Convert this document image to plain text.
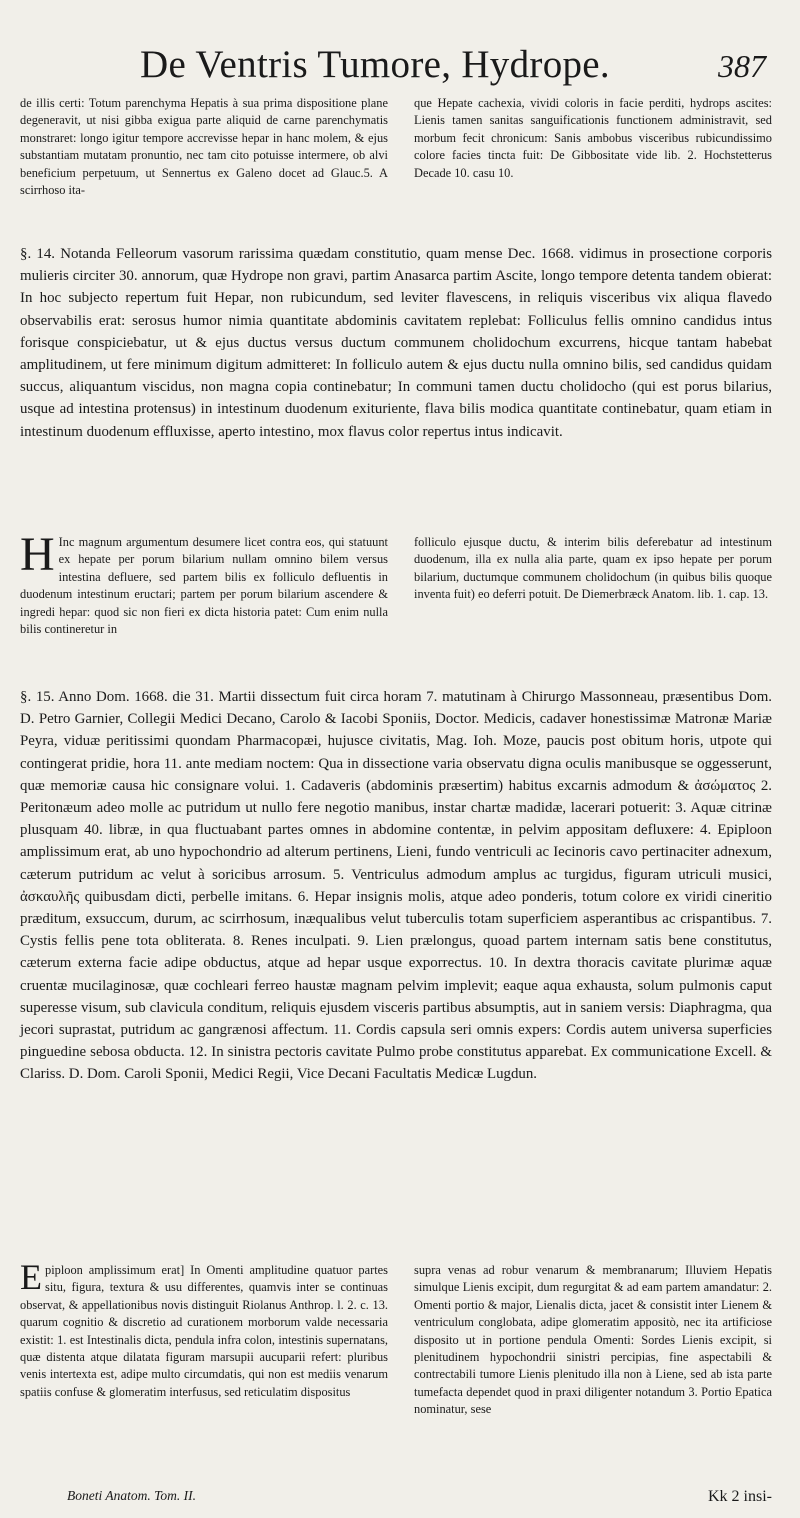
De Ventris Tumore, Hydrope.	387

de illis certi: Totum parenchyma Hepatis à sua prima dispositione plane degeneravit, ut nisi gibba exigua parte aliquid de carne parenchymatis monstraret: longo igitur tempore accrevisse hepar in hanc molem, & ejus substantiam mutatam pronuntio, nec tam cito potuisse intermere, ob alvi beneficium perpetuum, ut Sennertus ex Galeno docet ad Glauc.5. A scirrhoso ita-

que Hepate cachexia, vividi coloris in facie perditi, hydrops ascites: Lienis tamen sanitas sanguificationis functionem administravit, sed morbum fecit chronicum: Sanis ambobus visceribus rubicundissimo colore facies tincta fuit: De Gibbositate vide lib. 2. Hochstetterus Decade 10. casu 10.

§. 14. Notanda Felleorum vasorum rarissima quædam constitutio, quam mense Dec. 1668. vidimus in prosectione corporis mulieris circiter 30. annorum, quæ Hydrope non gravi, partim Anasarca partim Ascite, longo tempore detenta tandem obierat: In hoc subjecto repertum fuit Hepar, non rubicundum, sed leviter flavescens, in reliquis visceribus vix aliqua flavedo observabilis erat: serosus humor nimia quantitate abdominis cavitatem replebat: Folliculus fellis omnino candidus intus forisque conspiciebatur, ut & ejus ductus versus ductum communem cholidochum excurrens, hicque tantam habebat amplitudinem, ut fere minimum digitum admitteret: In folliculo autem & ejus ductu nulla omnino bilis, sed candidus quidam succus, aliquantum viscidus, non magna copia continebatur; In communi tamen ductu cholidocho (qui est porus bilarius, usque ad intestina protensus) in intestinum duodenum exituriente, flava bilis modica quantitate continebatur, quam etiam in intestinum duodenum effluxisse, aperto intestino, mox flavus color repertus intus indicavit.

H Inc magnum argumentum desumere licet contra eos, qui statuunt ex hepate per porum bilarium nullam omnino bilem versus intestina defluere, sed partem bilis ex folliculo defluentis in duodenum intestinum eructari; partem per porum bilarium ascendere & ingredi hepar: quod sic non fieri ex dicta historia patet: Cum enim nulla bilis contineretur in

folliculo ejusque ductu, & interim bilis deferebatur ad intestinum duodenum, illa ex nulla alia parte, quam ex ipso hepate per porum bilarium, ductumque communem cholidochum (in quibus bilis quoque inventa fuit) eo deferri potuit. De Diemerbræck Anatom. lib. 1. cap. 13.

§. 15. Anno Dom. 1668. die 31. Martii dissectum fuit circa horam 7. matutinam à Chirurgo Massonneau, præsentibus Dom. D. Petro Garnier, Collegii Medici Decano, Carolo & Iacobi Sponiis, Doctor. Medicis, cadaver honestissimæ Matronæ Mariæ Peyra, viduæ peritissimi quondam Pharmacopæi, hujusce civitatis, Mag. Ioh. Moze, paucis post obitum horis, utpote qui contingerat pridie, hora 11. ante mediam noctem: Qua in dissectione varia observatu digna oculis manibusque se oggesserunt, quæ memoriæ causa hic consignare volui. 1. Cadaveris (abdominis præsertim) habitus excarnis admodum & ἀσώματος 2. Peritonæum adeo molle ac putridum ut nullo fere negotio manibus, instar chartæ madidæ, lacerari potuerit: 3. Aquæ citrinæ plusquam 40. libræ, in qua fluctuabant partes omnes in abdomine contentæ, in pelvim appositam defluxere: 4. Epiploon amplissimum erat, ab uno hypochondrio ad alterum pertinens, Lieni, fundo ventriculi ac Iecinoris cavo pertinaciter adnexum, cæterum putridum ac velut à soricibus arrosum. 5. Ventriculus admodum amplus ac turgidus, figuram utriculi musici, ἀσκαυλῆς quibusdam dicti, perbelle imitans. 6. Hepar insignis molis, atque adeo ponderis, totum colore ex viridi cineritio præditum, exsuccum, durum, ac scirrhosum, inæqualibus velut tuberculis totam superficiem asperantibus ac crispantibus. 7. Cystis fellis pene tota obliterata. 8. Renes inculpati. 9. Lien prælongus, quoad partem internam satis bene constitutus, cæterum externa facie adipe obductus, atque ad hepar usque exporrectus. 10. In dextra thoracis cavitate plurimæ aquæ cruentæ mucilaginosæ, quæ cochleari ferreo haustæ magnam pelvim implevit; eaque aqua exhausta, solum pulmonis caput superesse visum, sub clavicula conditum, reliquis ejusdem visceris partibus absumptis, aut in saniem versis: Diaphragma, qua jecori suprastat, putridum ac gangrænosi affectum. 11. Cordis capsula seri omnis expers: Cordis autem universa superficies pinguedine sebosa obducta. 12. In sinistra pectoris cavitate Pulmo probe constitutus apparebat. Ex communicatione Excell. & Clariss. D. Dom. Caroli Sponii, Medici Regii, Vice Decani Facultatis Medicæ Lugdun.

Epiploon amplissimum erat] In Omenti amplitudine quatuor partes situ, figura, textura & usu differentes, quamvis inter se continuas observat, & appellationibus novis distinguit Riolanus Anthrop. l. 2. c. 13. quarum cognitio & discretio ad curationem morborum valde necessaria existit: 1. est Intestinalis dicta, pendula infra colon, intestinis supernatans, quæ distenta atque dilatata figuram marsupii aucuparii refert: pluribus venis intertexta est, adipe multo circumdatis, qui non est mediis venarum spatiis confuse & glomeratim interfusus, sed reticulatim dispositus

supra venas ad robur venarum & membranarum; Illuviem Hepatis simulque Lienis excipit, dum regurgitat & ad eam partem amandatur: 2. Omenti portio & major, Lienalis dicta, jacet & consistit inter Lienem & ventriculum conglobata, adipe glomeratim appositò, nec ita artificiose disposito ut in portione pendula Omenti: Sordes Lienis excipit, si plenitudinem hypochondrii sinistri percipias, fine aspectabili & contrectabili tumore Lienis plenitudo illa non à Liene, sed ab ista parte tumefacta dependet quod in praxi diligenter notandum 3. Portio Epatica nominatur, sese

Boneti Anatom. Tom. II.	Kk 2 insi-
